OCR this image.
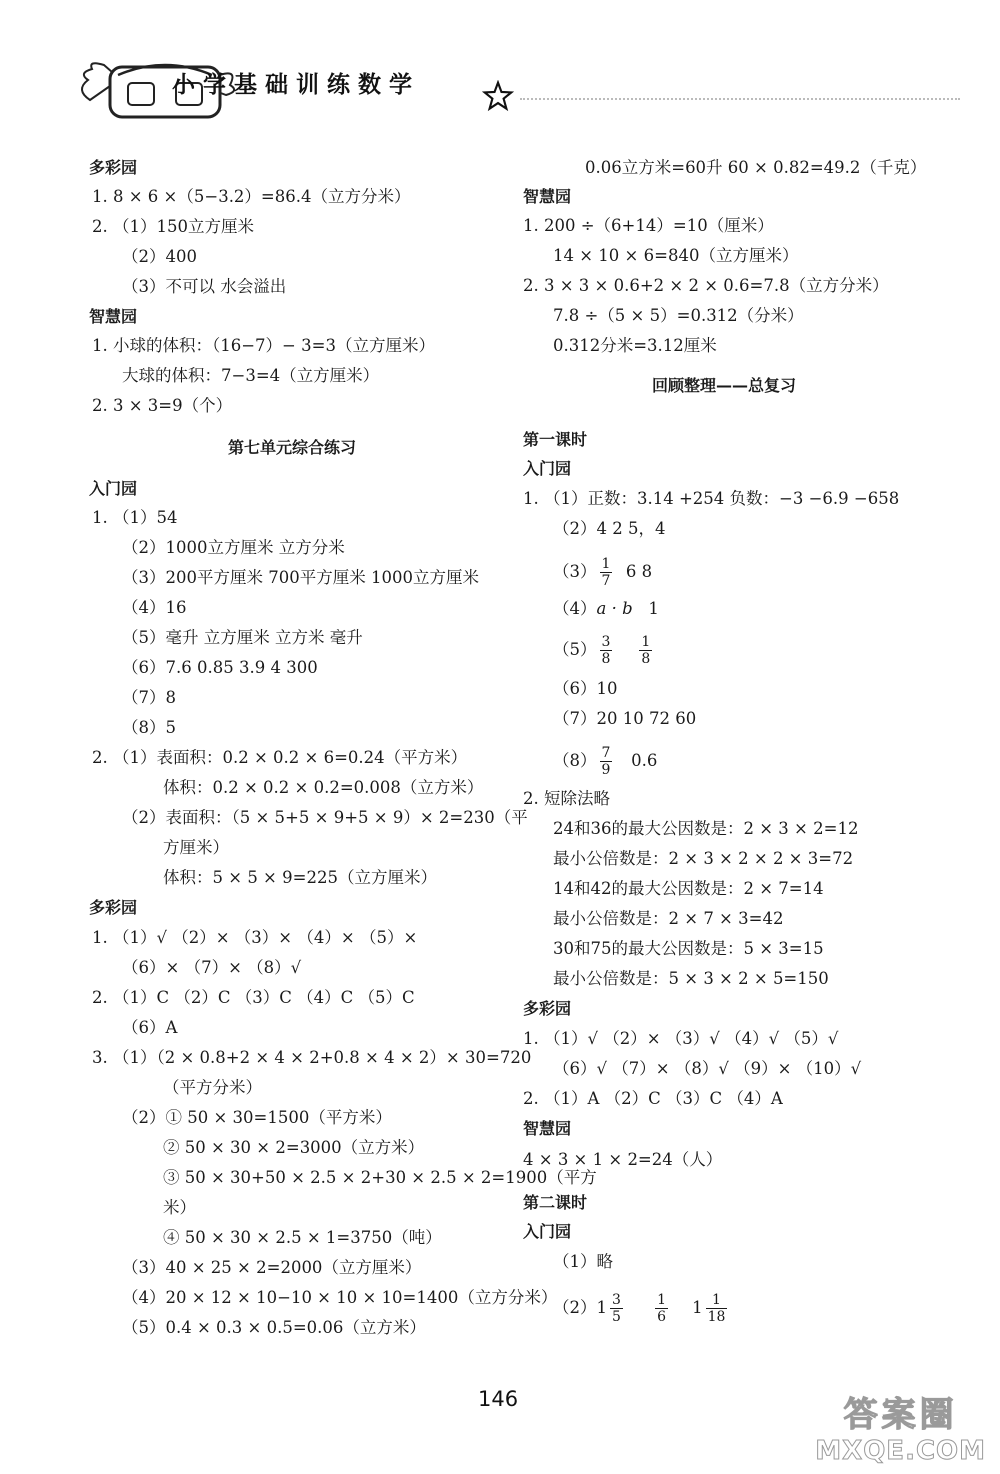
小学基础训练数学
多彩园
1. 8 × 6 ×（5−3.2）=86.4（立方分米）
2. （1）150立方厘米
（2）400
（3）不可以 水会溢出
智慧园
1. 小球的体积：（16−7）− 3=3（立方厘米）
大球的体积：7−3=4（立方厘米）
2. 3 × 3=9（个）
第七单元综合练习
入门园
1. （1）54
（2）1000立方厘米 立方分米
（3）200平方厘米 700平方厘米 1000立方厘米
（4）16
（5）毫升 立方厘米 立方米 毫升
（6）7.6 0.85 3.9 4 300
（7）8
（8）5
2. （1）表面积：0.2 × 0.2 × 6=0.24（平方米）
体积：0.2 × 0.2 × 0.2=0.008（立方米）
（2）表面积：（5 × 5+5 × 9+5 × 9）× 2=230（平
方厘米）
体积：5 × 5 × 9=225（立方厘米）
多彩园
1. （1）√ （2）× （3）× （4）× （5）×
（6）× （7）× （8）√
2. （1）C （2）C （3）C （4）C （5）C
（6）A
3. （1）（2 × 0.8+2 × 4 × 2+0.8 × 4 × 2）× 30=720
（平方分米）
（2）① 50 × 30=1500（平方米）
② 50 × 30 × 2=3000（立方米）
③ 50 × 30+50 × 2.5 × 2+30 × 2.5 × 2=1900（平方
米）
④ 50 × 30 × 2.5 × 1=3750（吨）
（3）40 × 25 × 2=2000（立方厘米）
（4）20 × 12 × 10−10 × 10 × 10=1400（立方分米）
（5）0.4 × 0.3 × 0.5=0.06（立方米）
0.06立方米=60升 60 × 0.82=49.2（千克）
智慧园
1. 200 ÷（6+14）=10（厘米）
14 × 10 × 6=840（立方厘米）
2. 3 × 3 × 0.6+2 × 2 × 0.6=7.8（立方分米）
7.8 ÷（5 × 5）=0.312（分米）
0.312分米=3.12厘米
回顾整理——总复习
第一课时
入门园
1. （1）正数：3.14 +254 负数：−3 −6.9 −658
（2）4 2 5，4
$(3) \frac{1}{7} 6$ 8
（4）a · b 1
$(5) \frac{3}{8}$
$\frac{1}{8}$
（6）10
（7）20 10 72 60
$(8) \frac{7}{9} 0.6$
2. 短除法略
24和36的最大公因数是：2 × 3 × 2=12
最小公倍数是：2 × 3 × 2 × 2 × 3=72
14和42的最大公因数是：2 × 7=14
最小公倍数是：2 × 7 × 3=42
30和75的最大公因数是：5 × 3=15
最小公倍数是：5 × 3 × 2 × 5=150
多彩园
1. （1）√ （2）× （3）√ （4）√ （5）√
（6）√ （7）× （8）√ （9）× （10）√
2. （1）A （2）C （3）C （4）A
智慧园
4 × 3 × 1 × 2=24（人）
第二课时
入门园
（1）略
$(2)1 \frac{3}{5}$
$\frac{1}{6} 1 \frac{1}{18}$
146	答案圈
MXQE.COM
